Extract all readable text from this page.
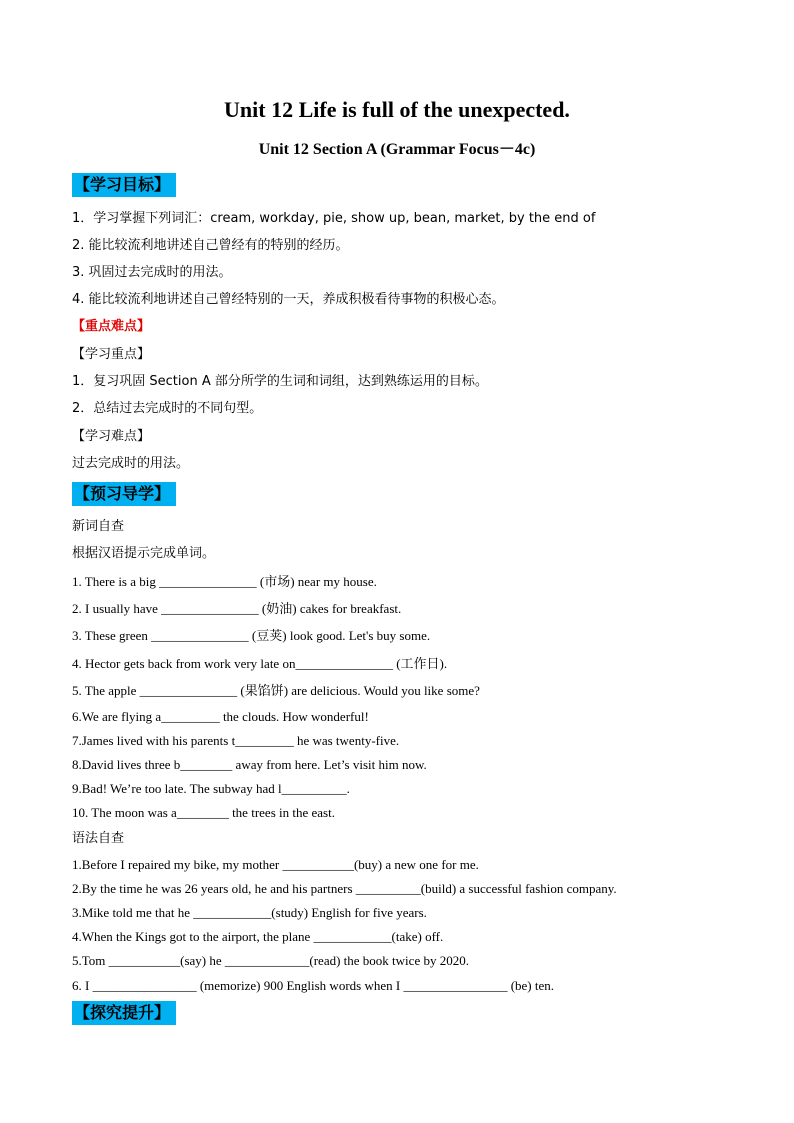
Unit 12 Life is full of the unexpected.
Unit 12 Section A (Grammar Focus－4c)
【学习目标】
1．学习掌握下列词汇：cream, workday, pie, show up, bean, market, by the end of
2. 能比较流利地讲述自己曾经有的特别的经历。
3. 巩固过去完成时的用法。
4. 能比较流利地讲述自己曾经特别的一天，养成积极看待事物的积极心态。
【重点难点】
【学习重点】
1．复习巩固 Section A 部分所学的生词和词组，达到熟练运用的目标。
2．总结过去完成时的不同句型。
【学习难点】
过去完成时的用法。
【预习导学】
新词自查
根据汉语提示完成单词。
1. There is a big _______________ (市场) near my house.
2. I usually have _______________ (奶油) cakes for breakfast.
3. These green _______________ (豆荚) look good. Let's buy some.
4. Hector gets back from work very late on_______________ (工作日).
5. The apple _______________ (果馅饼) are delicious. Would you like some?
6.We are flying a_________ the clouds. How wonderful!
7.James lived with his parents t_________ he was twenty-five.
8.David lives three b________ away from here. Let’s visit him now.
9.Bad! We’re too late. The subway had l__________.
10. The moon was a________ the trees in the east.
语法自查
1.Before I repaired my bike, my mother ___________(buy) a new one for me.
2.By the time he was 26 years old, he and his partners __________(build) a successful fashion company.
3.Mike told me that he ____________(study) English for five years.
4.When the Kings got to the airport, the plane ____________(take) off.
5.Tom ___________(say) he _____________(read) the book twice by 2020.
6. I ________________ (memorize) 900 English words when I ________________ (be) ten.
【探究提升】
